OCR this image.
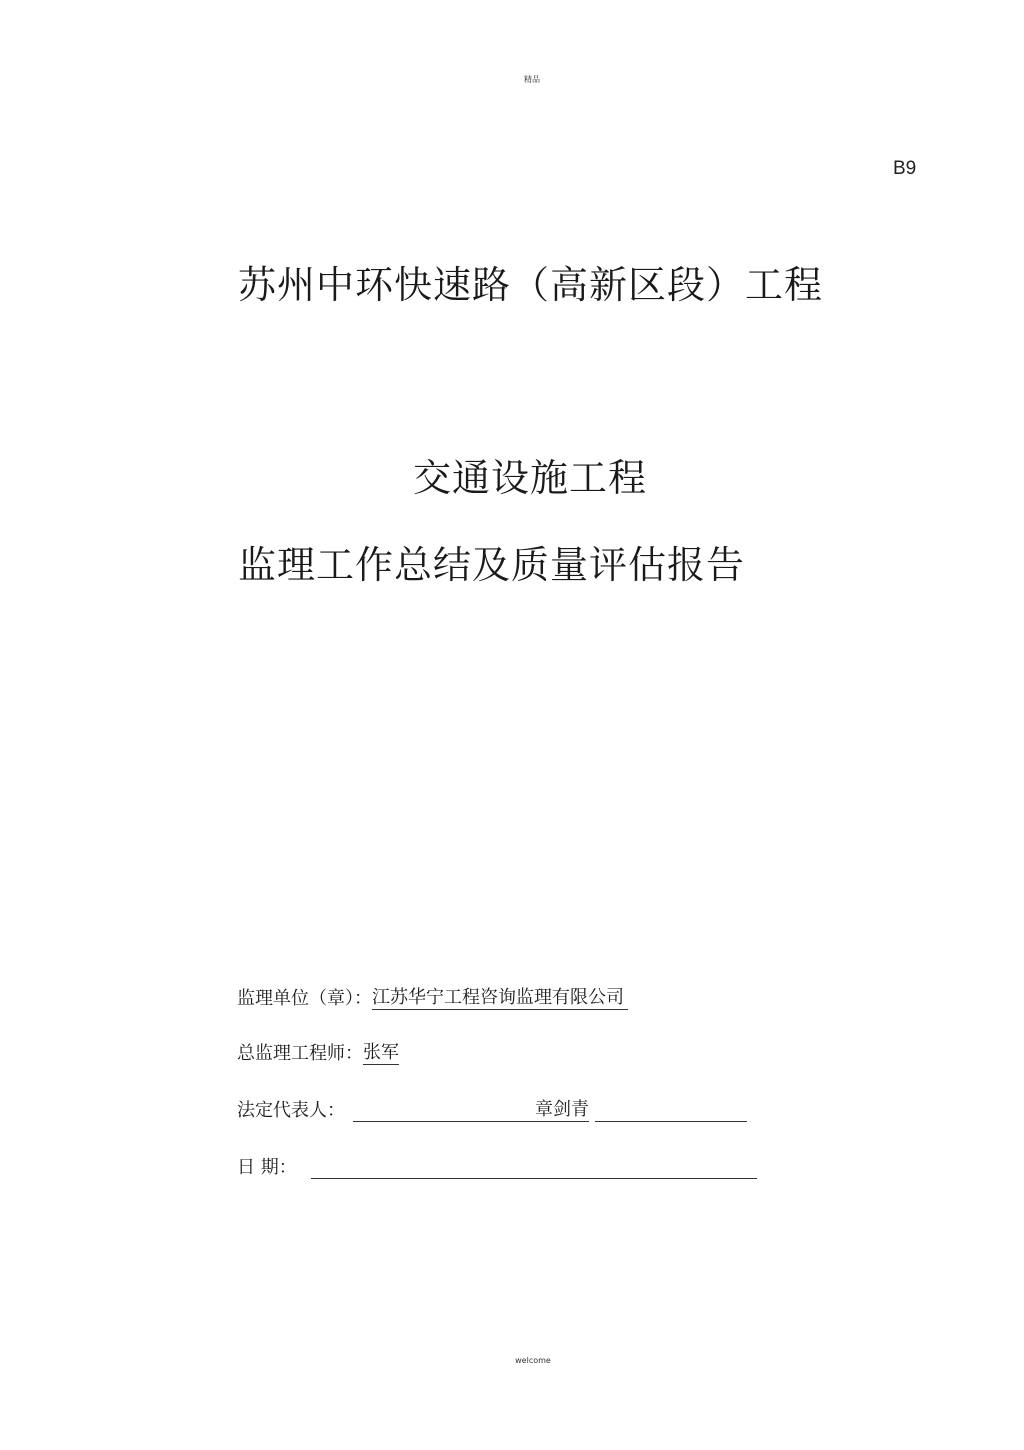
精品
B9
苏州中环快速路（高新区段）工程
交通设施工程
监理工作总结及质量评估报告
监理单位（章）： 江苏华宁工程咨询监理有限公司
总监理工程师： 张军
法定代表人：	章剑青
日 期：
welcome
